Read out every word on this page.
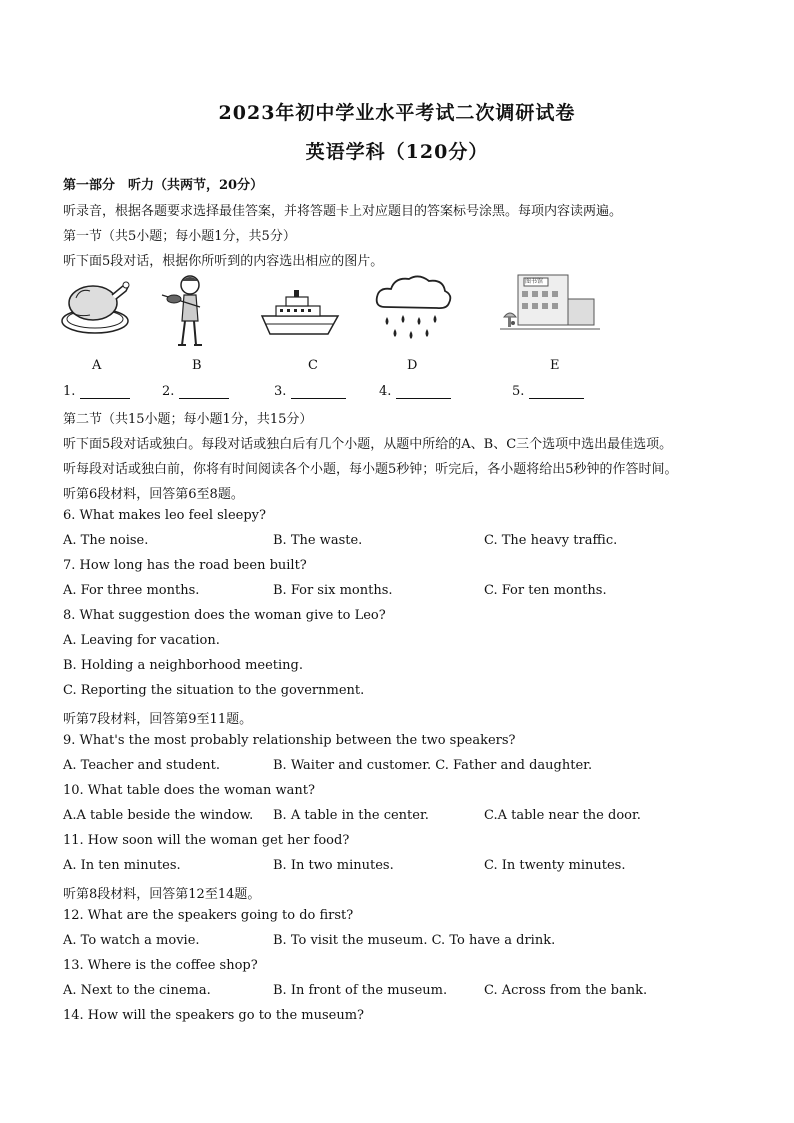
2023年初中学业水平考试二次调研试卷
英语学科（120分）
第一部分　听力（共两节，20分）
听录音，根据各题要求选择最佳答案，并将答题卡上对应题目的答案标号涂黑。每项内容读两遍。
第一节（共5小题；每小题1分，共5分）
听下面5段对话，根据你所听到的内容选出相应的图片。
图书馆
A	B	C	D	E
1.	2.	3.	4.	5.
第二节（共15小题；每小题1分，共15分）
听下面5段对话或独白。每段对话或独白后有几个小题，从题中所给的A、B、C三个选项中选出最佳选项。
听每段对话或独白前，你将有时间阅读各个小题，每小题5秒钟；听完后，各小题将给出5秒钟的作答时间。
听第6段材料，回答第6至8题。
6. What makes leo feel sleepy?
A. The noise.	B. The waste.	C. The heavy traffic.
7. How long has the road been built?
A. For three months.	B. For six months.	C. For ten months.
8. What suggestion does the woman give to Leo?
A. Leaving for vacation.
B. Holding a neighborhood meeting.
C. Reporting the situation to the government.
听第7段材料，回答第9至11题。
9. What's the most probably relationship between the two speakers?
A. Teacher and student.	B. Waiter and customer. C. Father and daughter.
10. What table does the woman want?
A.A table beside the window. B. A table in the center.	C.A table near the door.
11. How soon will the woman get her food?
A. In ten minutes.	B. In two minutes.	C. In twenty minutes.
听第8段材料，回答第12至14题。
12. What are the speakers going to do first?
A. To watch a movie.	B. To visit the museum. C. To have a drink.
13. Where is the coffee shop?
A. Next to the cinema.	B. In front of the museum.	C. Across from the bank.
14. How will the speakers go to the museum?
